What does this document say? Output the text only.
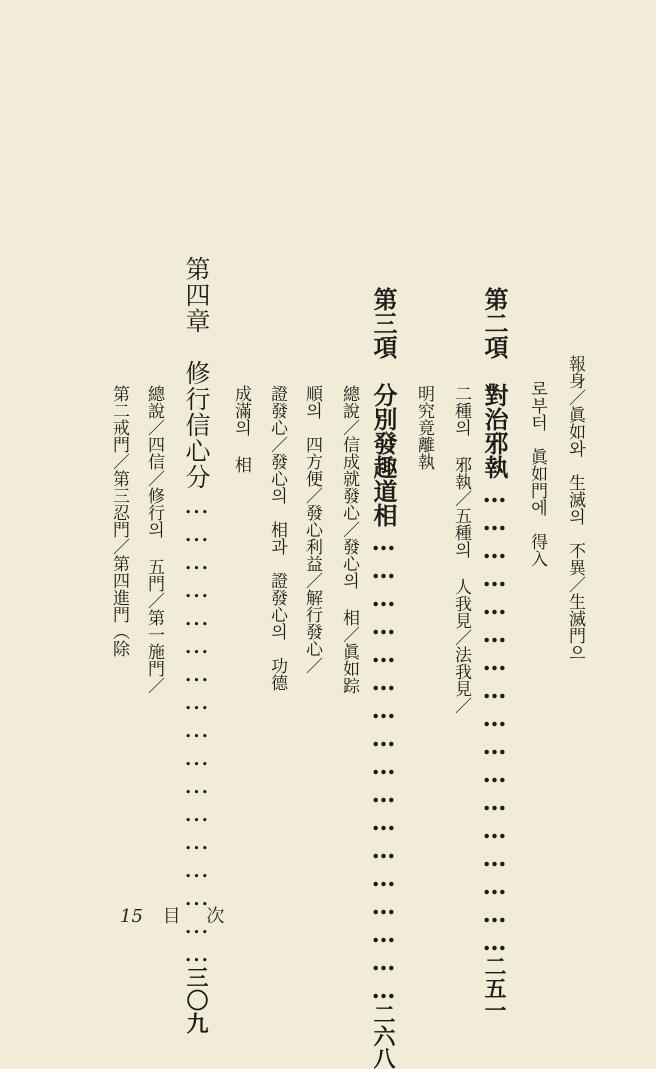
報身／眞如와　生滅의　不異／生滅門으
로부터　眞如門에　得入
第二項　對治邪執……………………………………………二五一
二種의 邪執／五種의 人我見／法我見／
明究竟離執
第三項　分別發趣道相……………………………………………二六八
總說／信成就發心／發心의 相／眞如踪
順의　四方便／發心利益／解行發心／
證發心／發心의　相과　證發心의　功德
成滿의 相
第四章　修行信心分……………………………………………三〇九
總說／四信／修行의 五門／第一施門／
第二戒門／第三忍門／第四進門（除
15 目 次
